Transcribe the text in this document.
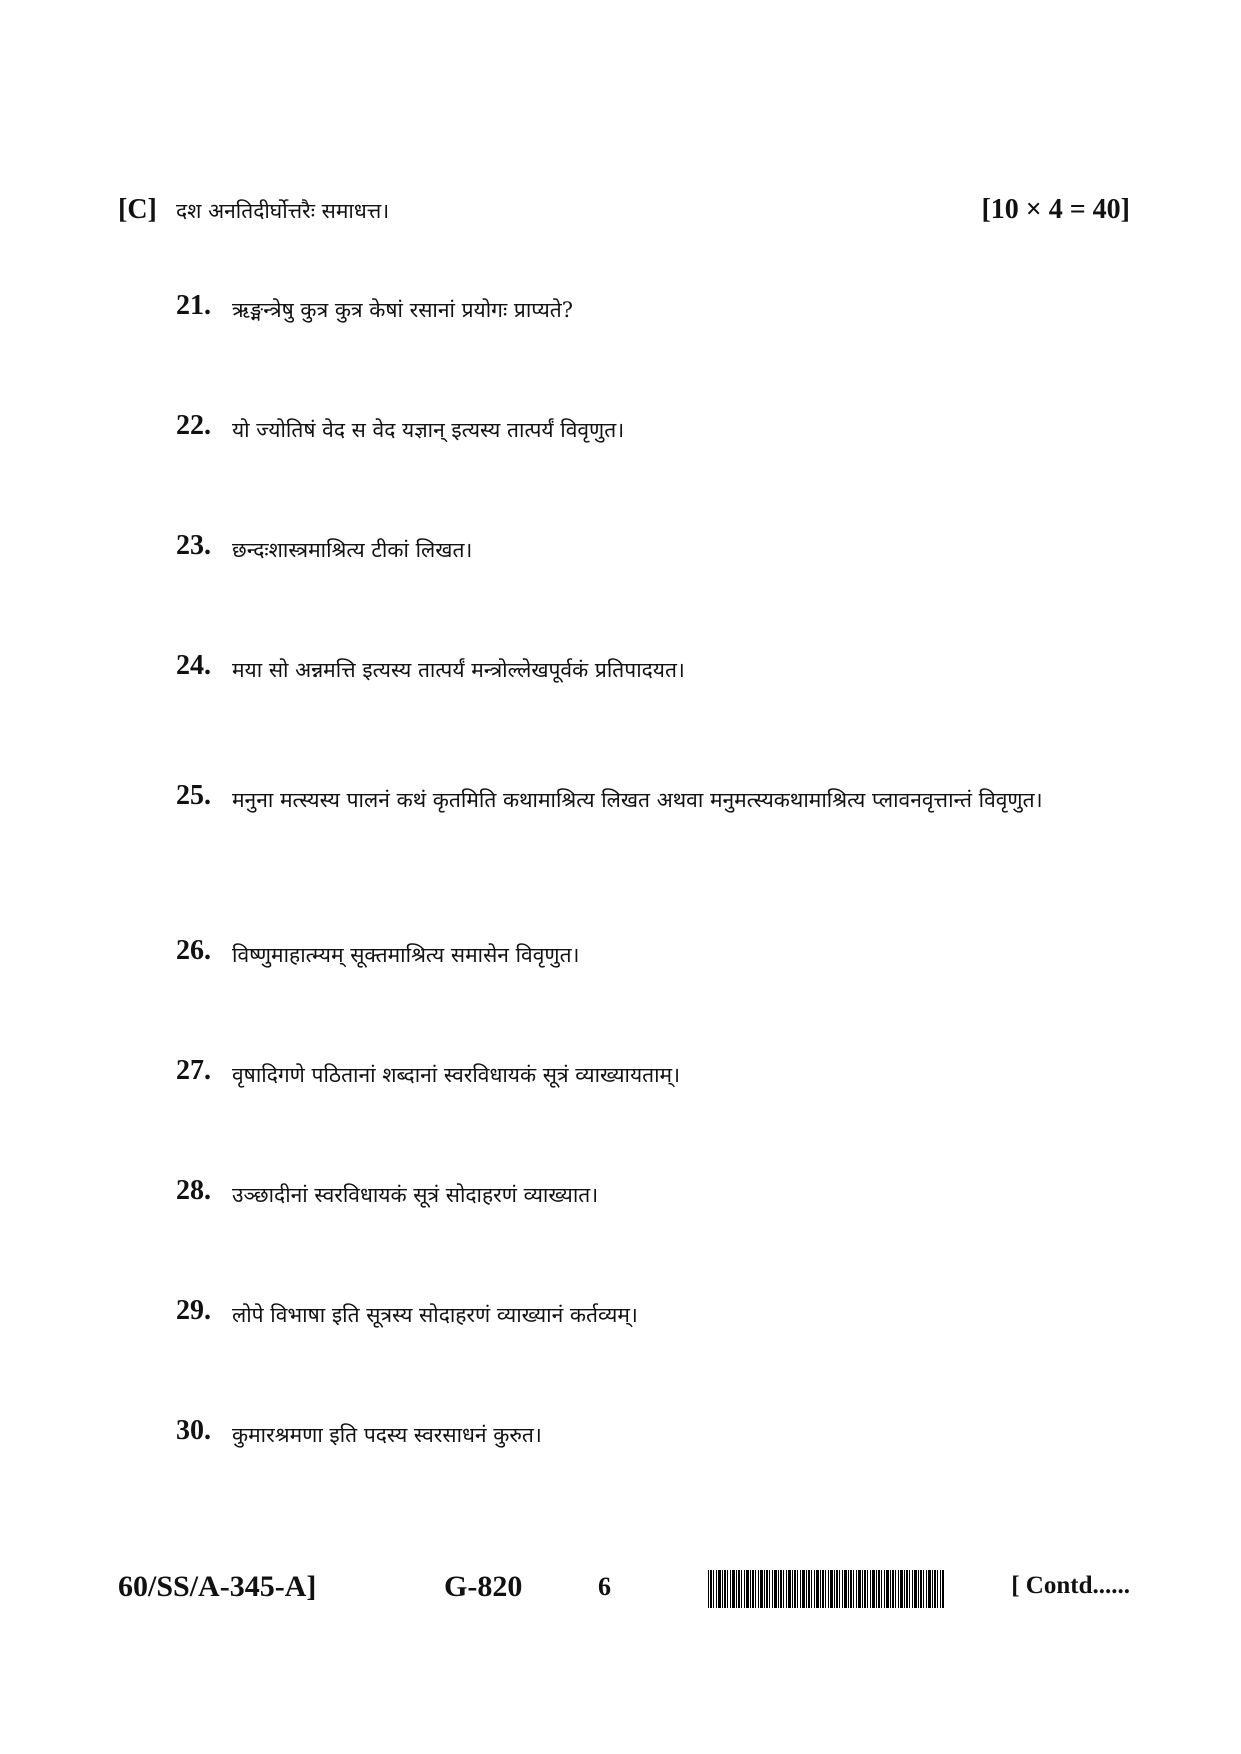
[C] दश अनतिदीर्घोत्तरैः समाधत्त।	[10 × 4 = 40]
21. ऋङ्मन्त्रेषु कुत्र कुत्र केषां रसानां प्रयोगः प्राप्यते?
22. यो ज्योतिषं वेद स वेद यज्ञान् इत्यस्य तात्पर्यं विवृणुत।
23. छन्दःशास्त्रमाश्रित्य टीकां लिखत।
24. मया सो अन्नमत्ति इत्यस्य तात्पर्यं मन्त्रोल्लेखपूर्वकं प्रतिपादयत।
25. मनुना मत्स्यस्य पालनं कथं कृतमिति कथामाश्रित्य लिखत अथवा मनुमत्स्यकथामाश्रित्य प्लावनवृत्तान्तं विवृणुत।
26. विष्णुमाहात्म्यम् सूक्तमाश्रित्य समासेन विवृणुत।
27. वृषादिगणे पठितानां शब्दानां स्वरविधायकं सूत्रं व्याख्यायताम्।
28. उञ्छादीनां स्वरविधायकं सूत्रं सोदाहरणं व्याख्यात।
29. लोपे विभाषा इति सूत्रस्य सोदाहरणं व्याख्यानं कर्तव्यम्।
30. कुमारश्रमणा इति पदस्य स्वरसाधनं कुरुत।
60/SS/A-345-A]	G-820	6	[ Contd......
